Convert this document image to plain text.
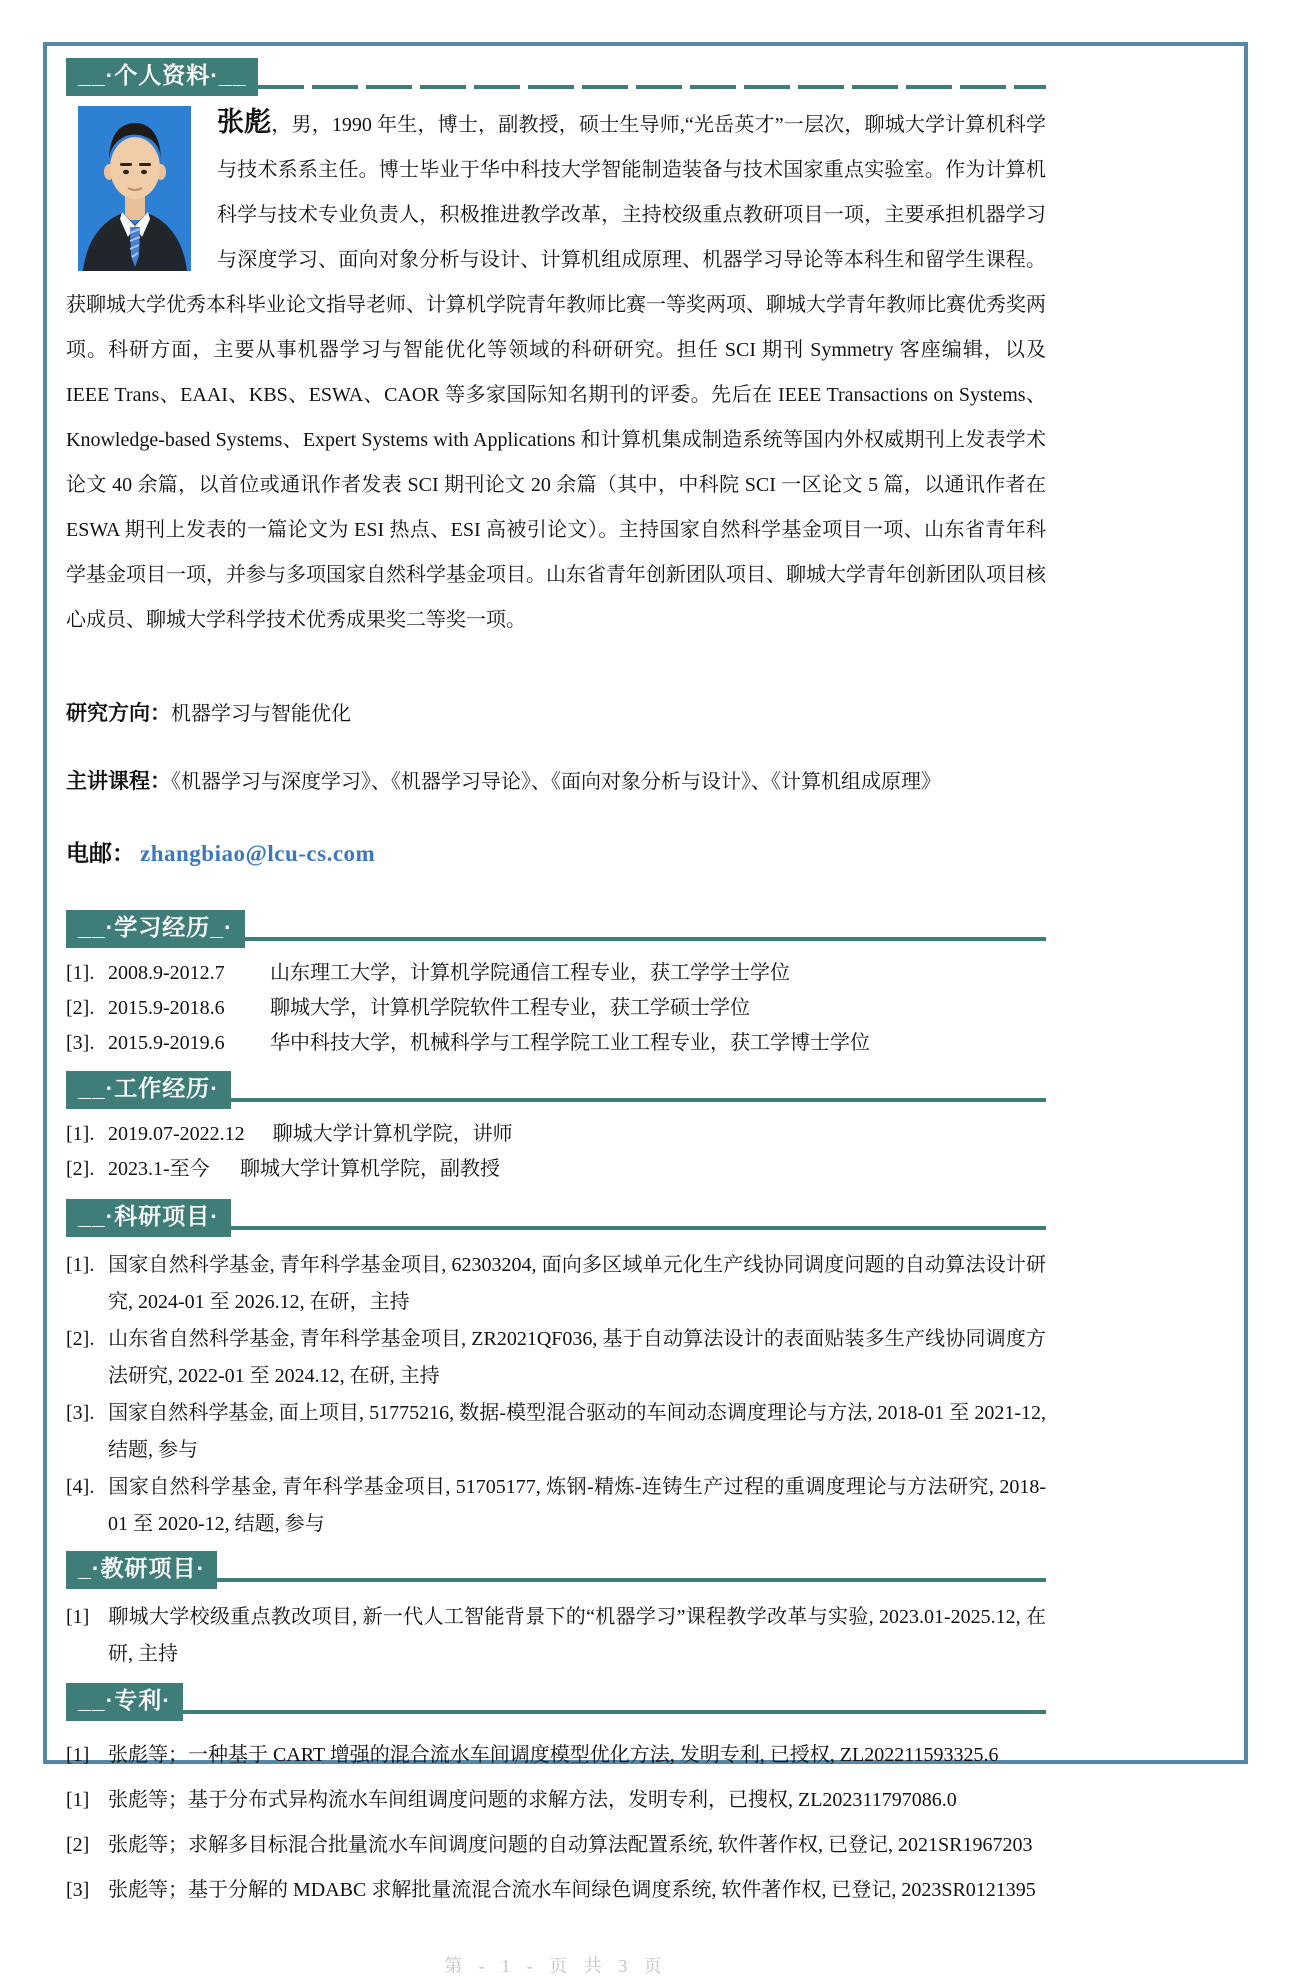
__·个人资料·__

张彪，男，1990 年生，博士，副教授，硕士生导师,“光岳英才”一层次，聊城大学计算机科学与技术系系主任。博士毕业于华中科技大学智能制造装备与技术国家重点实验室。作为计算机科学与技术专业负责人，积极推进教学改革，主持校级重点教研项目一项，主要承担机器学习与深度学习、面向对象分析与设计、计算机组成原理、机器学习导论等本科生和留学生课程。获聊城大学优秀本科毕业论文指导老师、计算机学院青年教师比赛一等奖两项、聊城大学青年教师比赛优秀奖两项。科研方面，主要从事机器学习与智能优化等领域的科研研究。担任 SCI 期刊 Symmetry 客座编辑，以及 IEEE Trans、EAAI、KBS、ESWA、CAOR 等多家国际知名期刊的评委。先后在 IEEE Transactions on Systems、Knowledge-based Systems、Expert Systems with Applications 和计算机集成制造系统等国内外权威期刊上发表学术论文 40 余篇，以首位或通讯作者发表 SCI 期刊论文 20 余篇（其中，中科院 SCI 一区论文 5 篇，以通讯作者在 ESWA 期刊上发表的一篇论文为 ESI 热点、ESI 高被引论文）。主持国家自然科学基金项目一项、山东省青年科学基金项目一项，并参与多项国家自然科学基金项目。山东省青年创新团队项目、聊城大学青年创新团队项目核心成员、聊城大学科学技术优秀成果奖二等奖一项。

研究方向：机器学习与智能优化

主讲课程：《机器学习与深度学习》、《机器学习导论》、《面向对象分析与设计》、《计算机组成原理》

电邮： zhangbiao@lcu-cs.com

__·学习经历_·
[1]. 2008.9-2012.7 山东理工大学，计算机学院通信工程专业，获工学学士学位
[2]. 2015.9-2018.6 聊城大学，计算机学院软件工程专业，获工学硕士学位
[3]. 2015.9-2019.6 华中科技大学，机械科学与工程学院工业工程专业，获工学博士学位
__·工作经历·
[1]. 2019.07-2022.12 聊城大学计算机学院，讲师
[2]. 2023.1-至今 聊城大学计算机学院，副教授
__·科研项目·

[1]. 国家自然科学基金, 青年科学基金项目, 62303204, 面向多区域单元化生产线协同调度问题的自动算法设计研究, 2024-01 至 2026.12, 在研，主持

[2]. 山东省自然科学基金, 青年科学基金项目, ZR2021QF036, 基于自动算法设计的表面贴装多生产线协同调度方法研究, 2022-01 至 2024.12, 在研, 主持

[3]. 国家自然科学基金, 面上项目, 51775216, 数据-模型混合驱动的车间动态调度理论与方法, 2018-01 至 2021-12, 结题, 参与

[4]. 国家自然科学基金, 青年科学基金项目, 51705177, 炼钢-精炼-连铸生产过程的重调度理论与方法研究, 2018-01 至 2020-12, 结题, 参与

_·教研项目·

[1] 聊城大学校级重点教改项目, 新一代人工智能背景下的“机器学习”课程教学改革与实验, 2023.01-2025.12, 在研, 主持

__·专利·

[1] 张彪等；一种基于 CART 增强的混合流水车间调度模型优化方法, 发明专利, 已授权, ZL202211593325.6

[1] 张彪等；基于分布式异构流水车间组调度问题的求解方法，发明专利，已搜权, ZL202311797086.0

[2] 张彪等；求解多目标混合批量流水车间调度问题的自动算法配置系统, 软件著作权, 已登记, 2021SR1967203

[3] 张彪等；基于分解的 MDABC 求解批量流混合流水车间绿色调度系统, 软件著作权, 已登记, 2023SR0121395

第 - 1 - 页 共 3 页
